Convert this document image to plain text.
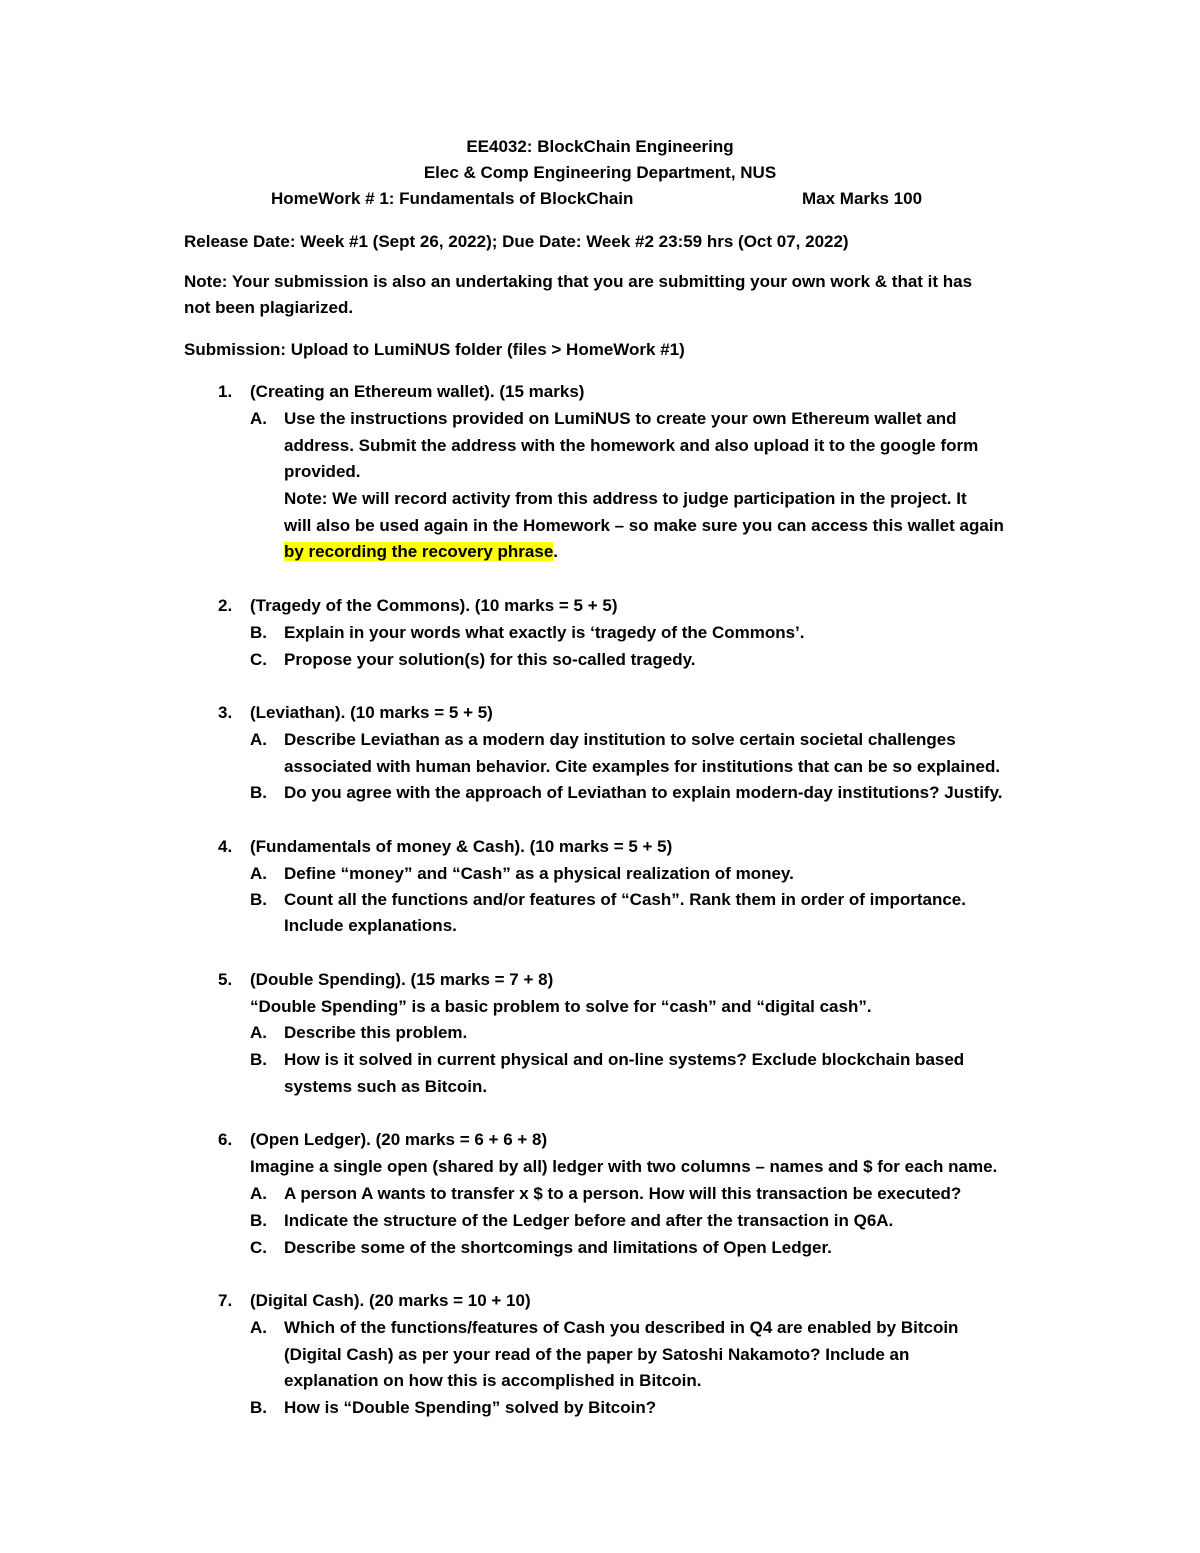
EE4032: BlockChain Engineering
Elec & Comp Engineering Department, NUS
HomeWork # 1: Fundamentals of BlockChain	Max Marks 100
Release Date: Week #1 (Sept 26, 2022); Due Date: Week #2 23:59 hrs (Oct 07, 2022)
Note: Your submission is also an undertaking that you are submitting your own work & that it has
not been plagiarized.
Submission: Upload to LumiNUS folder (files > HomeWork #1)
1. (Creating an Ethereum wallet). (15 marks)
A. Use the instructions provided on LumiNUS to create your own Ethereum wallet and
address. Submit the address with the homework and also upload it to the google form
provided.
Note: We will record activity from this address to judge participation in the project. It
will also be used again in the Homework – so make sure you can access this wallet again
by recording the recovery phrase.
2. (Tragedy of the Commons). (10 marks = 5 + 5)
B. Explain in your words what exactly is ‘tragedy of the Commons’.
C. Propose your solution(s) for this so-called tragedy.
3. (Leviathan). (10 marks = 5 + 5)
A. Describe Leviathan as a modern day institution to solve certain societal challenges
associated with human behavior. Cite examples for institutions that can be so explained.
B. Do you agree with the approach of Leviathan to explain modern-day institutions? Justify.
4. (Fundamentals of money & Cash). (10 marks = 5 + 5)
A. Define “money” and “Cash” as a physical realization of money.
B. Count all the functions and/or features of “Cash”. Rank them in order of importance.
Include explanations.
5. (Double Spending). (15 marks = 7 + 8)
“Double Spending” is a basic problem to solve for “cash” and “digital cash”.
A. Describe this problem.
B. How is it solved in current physical and on-line systems? Exclude blockchain based
systems such as Bitcoin.
6. (Open Ledger). (20 marks = 6 + 6 + 8)
Imagine a single open (shared by all) ledger with two columns – names and $ for each name.
A. A person A wants to transfer x $ to a person. How will this transaction be executed?
B. Indicate the structure of the Ledger before and after the transaction in Q6A.
C. Describe some of the shortcomings and limitations of Open Ledger.
7. (Digital Cash). (20 marks = 10 + 10)
A. Which of the functions/features of Cash you described in Q4 are enabled by Bitcoin
(Digital Cash) as per your read of the paper by Satoshi Nakamoto? Include an
explanation on how this is accomplished in Bitcoin.
B. How is “Double Spending” solved by Bitcoin?
